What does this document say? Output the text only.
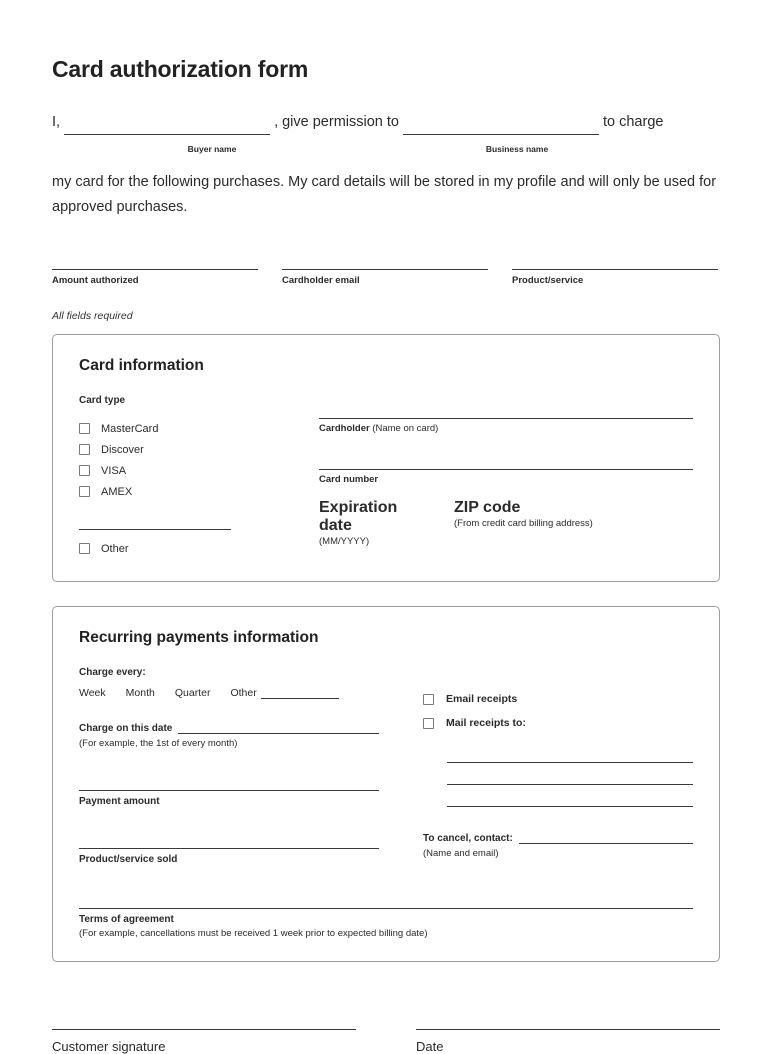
Card authorization form
I,	, give permission to	to charge
Buyer name	Business name
my card for the following purchases. My card details will be stored in my profile and will only be used for approved purchases.
Amount authorized	Cardholder email	Product/service
All fields required
Card information
Card type
MasterCard
Discover
VISA
AMEX
Other
Cardholder (Name on card)
Card number
Expiration date
(MM/YYYY)
ZIP code
(From credit card billing address)
Recurring payments information
Charge every:
Week Month Quarter Other
Charge on this date
(For example, the 1st of every month)
Payment amount
Product/service sold
Email receipts
Mail receipts to:
To cancel, contact:
(Name and email)
Terms of agreement
(For example, cancellations must be received 1 week prior to expected billing date)
Customer signature	Date
